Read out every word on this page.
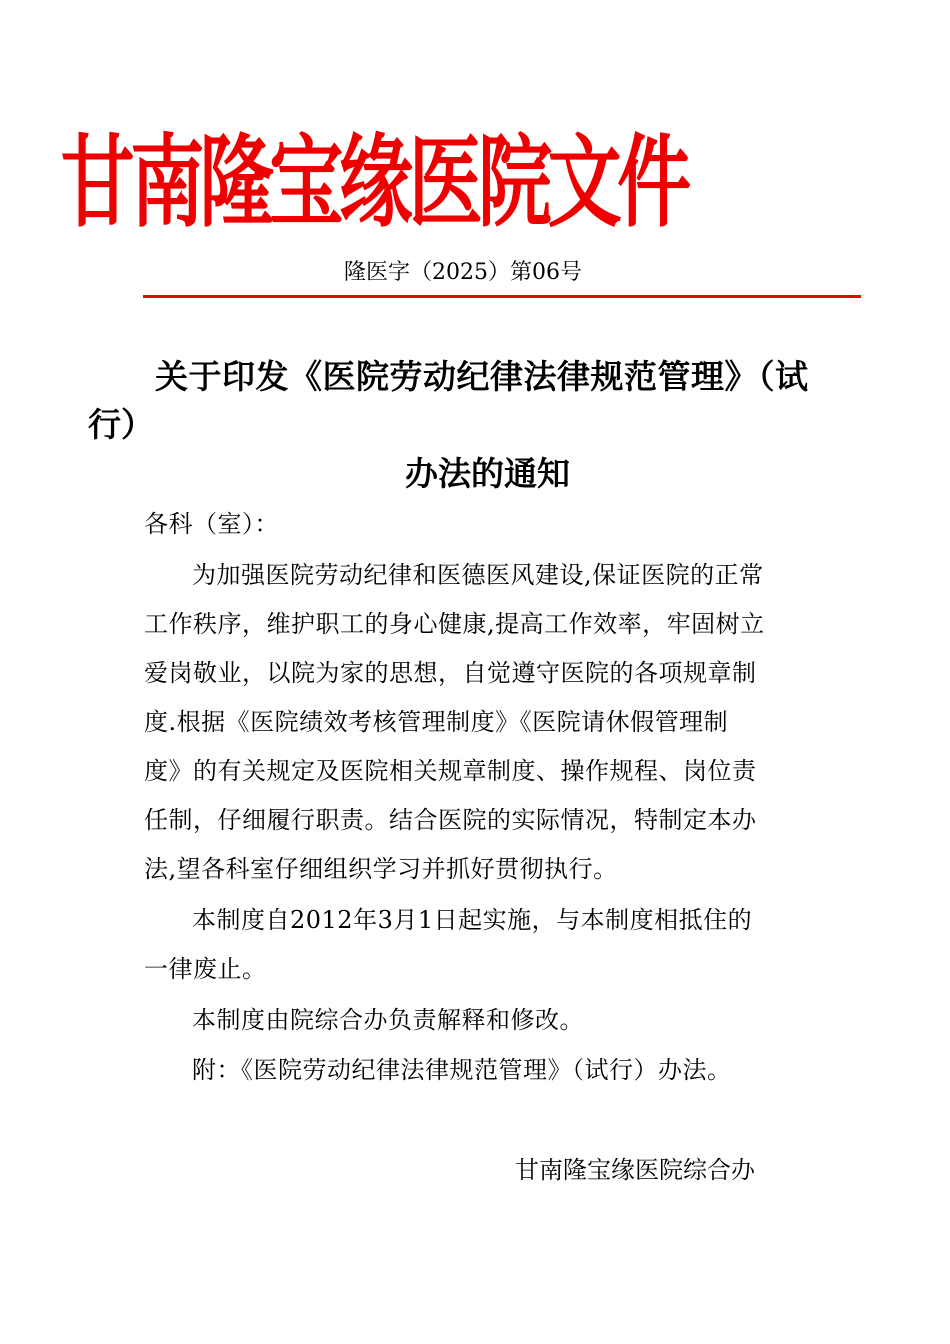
甘南隆宝缘医院文件
隆医字（2025）第06号
关于印发《医院劳动纪律法律规范管理》（试
行）
办法的通知
各科（室）：
为加强医院劳动纪律和医德医风建设,保证医院的正常
工作秩序，维护职工的身心健康,提高工作效率，牢固树立
爱岗敬业，以院为家的思想，自觉遵守医院的各项规章制
度.根据《医院绩效考核管理制度》《医院请休假管理制
度》的有关规定及医院相关规章制度、操作规程、岗位责
任制，仔细履行职责。结合医院的实际情况，特制定本办
法,望各科室仔细组织学习并抓好贯彻执行。
本制度自2012年3月1日起实施，与本制度相抵住的
一律废止。
本制度由院综合办负责解释和修改。
附：《医院劳动纪律法律规范管理》（试行）办法。
甘南隆宝缘医院综合办
